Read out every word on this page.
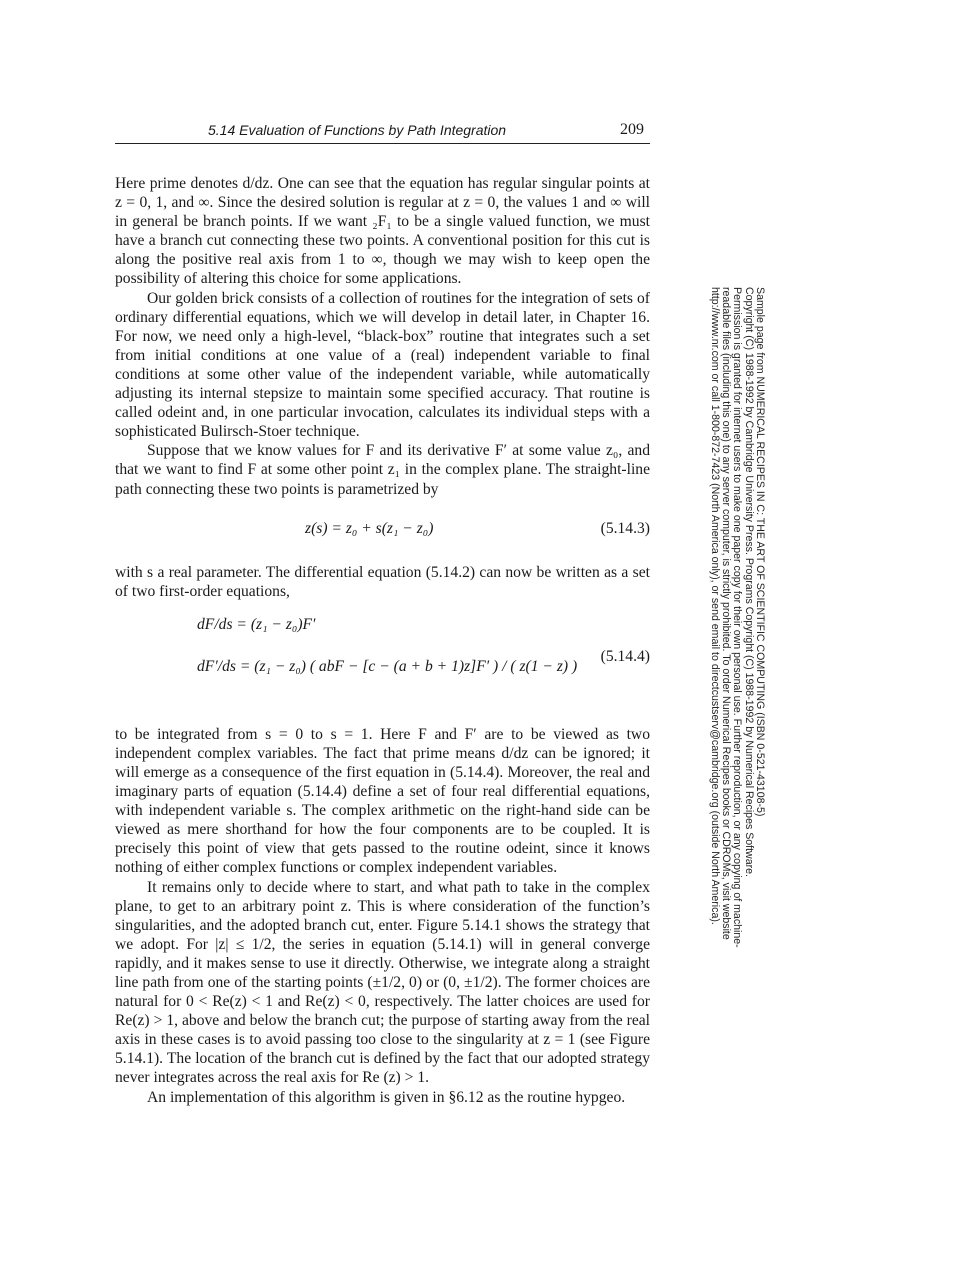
5.14 Evaluation of Functions by Path Integration	209

Here prime denotes d/dz. One can see that the equation has regular singular points at z = 0, 1, and ∞. Since the desired solution is regular at z = 0, the values 1 and ∞ will in general be branch points. If we want ₂F₁ to be a single valued function, we must have a branch cut connecting these two points. A conventional position for this cut is along the positive real axis from 1 to ∞, though we may wish to keep open the possibility of altering this choice for some applications.

Our golden brick consists of a collection of routines for the integration of sets of ordinary differential equations, which we will develop in detail later, in Chapter 16. For now, we need only a high-level, “black-box” routine that integrates such a set from initial conditions at one value of a (real) independent variable to final conditions at some other value of the independent variable, while automatically adjusting its internal stepsize to maintain some specified accuracy. That routine is called odeint and, in one particular invocation, calculates its individual steps with a sophisticated Bulirsch-Stoer technique.

Suppose that we know values for F and its derivative F′ at some value z₀, and that we want to find F at some other point z₁ in the complex plane. The straight-line path connecting these two points is parametrized by

z(s) = z₀ + s(z₁ − z₀)	(5.14.3)

with s a real parameter. The differential equation (5.14.2) can now be written as a set of two first-order equations,

dF/ds = (z₁ − z₀)F′
dF′/ds = (z₁ − z₀) ( abF − [c − (a + b + 1)z]F′ ) / ( z(1 − z) )
(5.14.4)

to be integrated from s = 0 to s = 1. Here F and F′ are to be viewed as two independent complex variables. The fact that prime means d/dz can be ignored; it will emerge as a consequence of the first equation in (5.14.4). Moreover, the real and imaginary parts of equation (5.14.4) define a set of four real differential equations, with independent variable s. The complex arithmetic on the right-hand side can be viewed as mere shorthand for how the four components are to be coupled. It is precisely this point of view that gets passed to the routine odeint, since it knows nothing of either complex functions or complex independent variables.

It remains only to decide where to start, and what path to take in the complex plane, to get to an arbitrary point z. This is where consideration of the function’s singularities, and the adopted branch cut, enter. Figure 5.14.1 shows the strategy that we adopt. For |z| ≤ 1/2, the series in equation (5.14.1) will in general converge rapidly, and it makes sense to use it directly. Otherwise, we integrate along a straight line path from one of the starting points (±1/2, 0) or (0, ±1/2). The former choices are natural for 0 < Re(z) < 1 and Re(z) < 0, respectively. The latter choices are used for Re(z) > 1, above and below the branch cut; the purpose of starting away from the real axis in these cases is to avoid passing too close to the singularity at z = 1 (see Figure 5.14.1). The location of the branch cut is defined by the fact that our adopted strategy never integrates across the real axis for Re (z) > 1.

An implementation of this algorithm is given in §6.12 as the routine hypgeo.

Sample page from NUMERICAL RECIPES IN C: THE ART OF SCIENTIFIC COMPUTING (ISBN 0-521-43108-5)
Copyright (C) 1988-1992 by Cambridge University Press. Programs Copyright (C) 1988-1992 by Numerical Recipes Software.
Permission is granted for internet users to make one paper copy for their own personal use. Further reproduction, or any copying of machine-
readable files (including this one) to any server computer, is strictly prohibited. To order Numerical Recipes books or CDROMs, visit website
http://www.nr.com or call 1-800-872-7423 (North America only), or send email to directcustserv@cambridge.org (outside North America).
